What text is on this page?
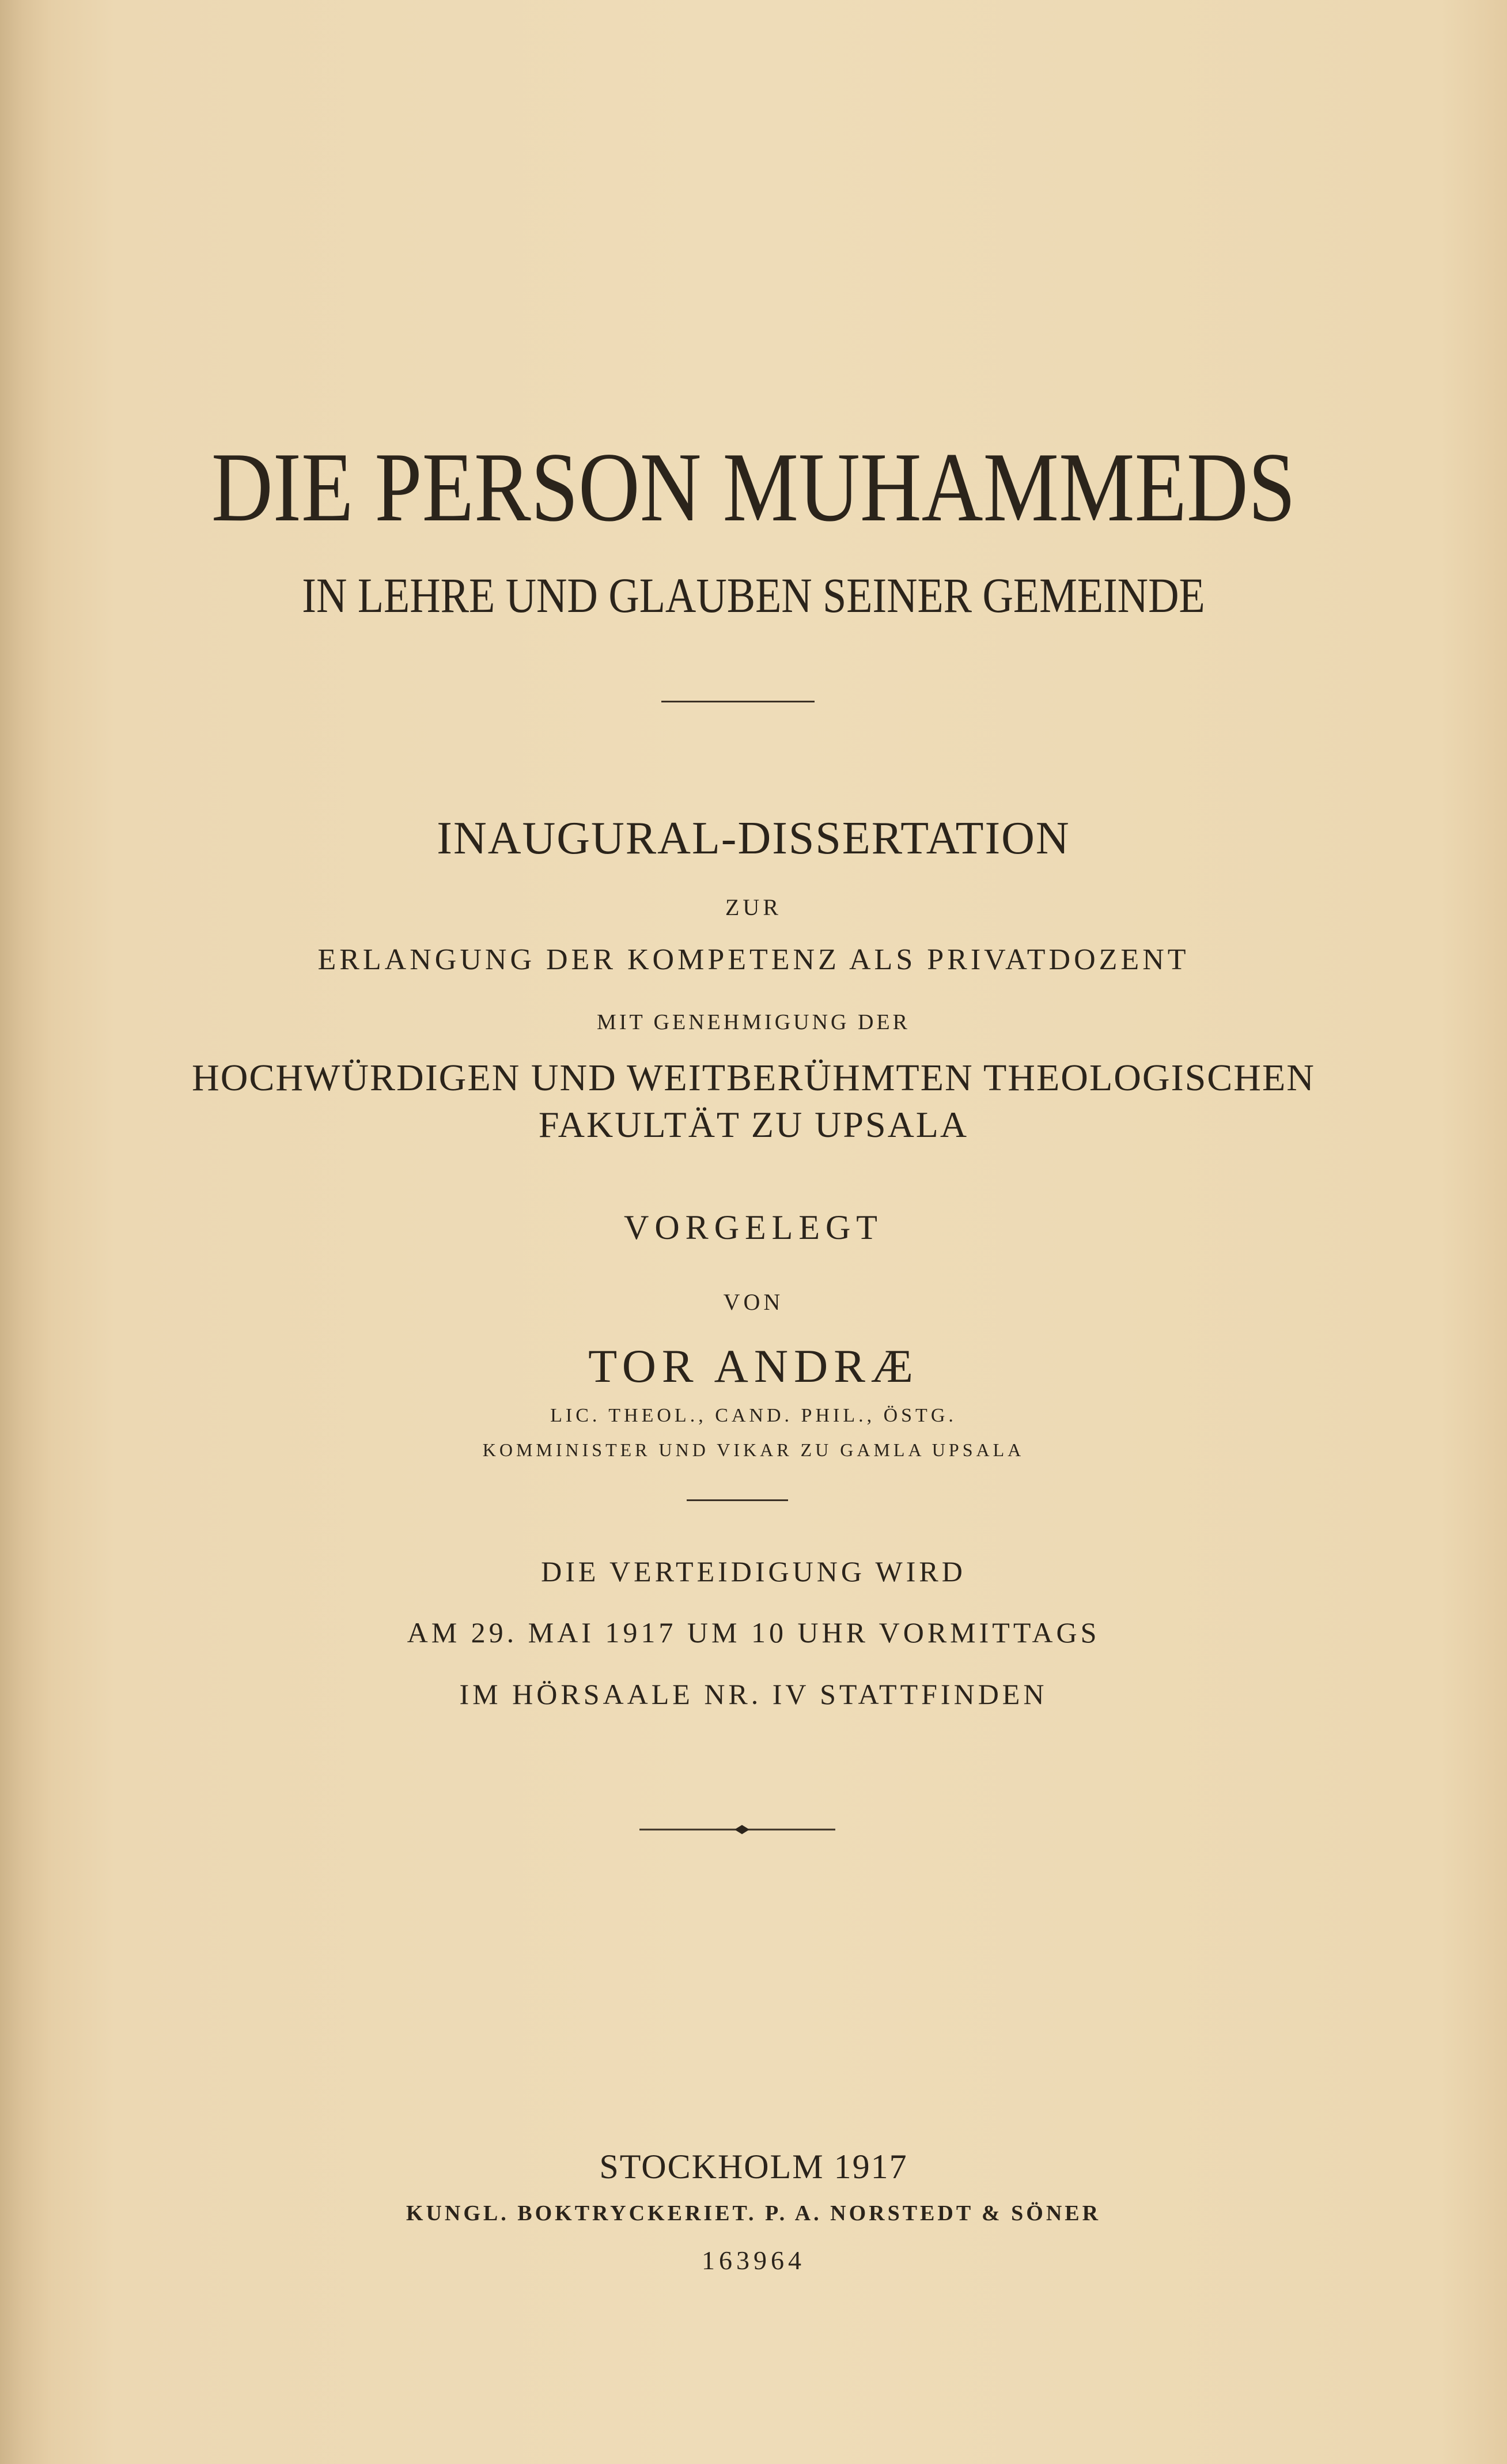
DIE PERSON MUHAMMEDS
IN LEHRE UND GLAUBEN SEINER GEMEINDE
INAUGURAL-DISSERTATION
ZUR
ERLANGUNG DER KOMPETENZ ALS PRIVATDOZENT
MIT GENEHMIGUNG DER
HOCHWÜRDIGEN UND WEITBERÜHMTEN THEOLOGISCHEN
FAKULTÄT ZU UPSALA
VORGELEGT
VON
TOR ANDRÆ
LIC. THEOL., CAND. PHIL., ÖSTG.
KOMMINISTER UND VIKAR ZU GAMLA UPSALA
DIE VERTEIDIGUNG WIRD
AM 29. MAI 1917 UM 10 UHR VORMITTAGS
IM HÖRSAALE NR. IV STATTFINDEN
STOCKHOLM 1917
KUNGL. BOKTRYCKERIET. P. A. NORSTEDT & SÖNER
163964
